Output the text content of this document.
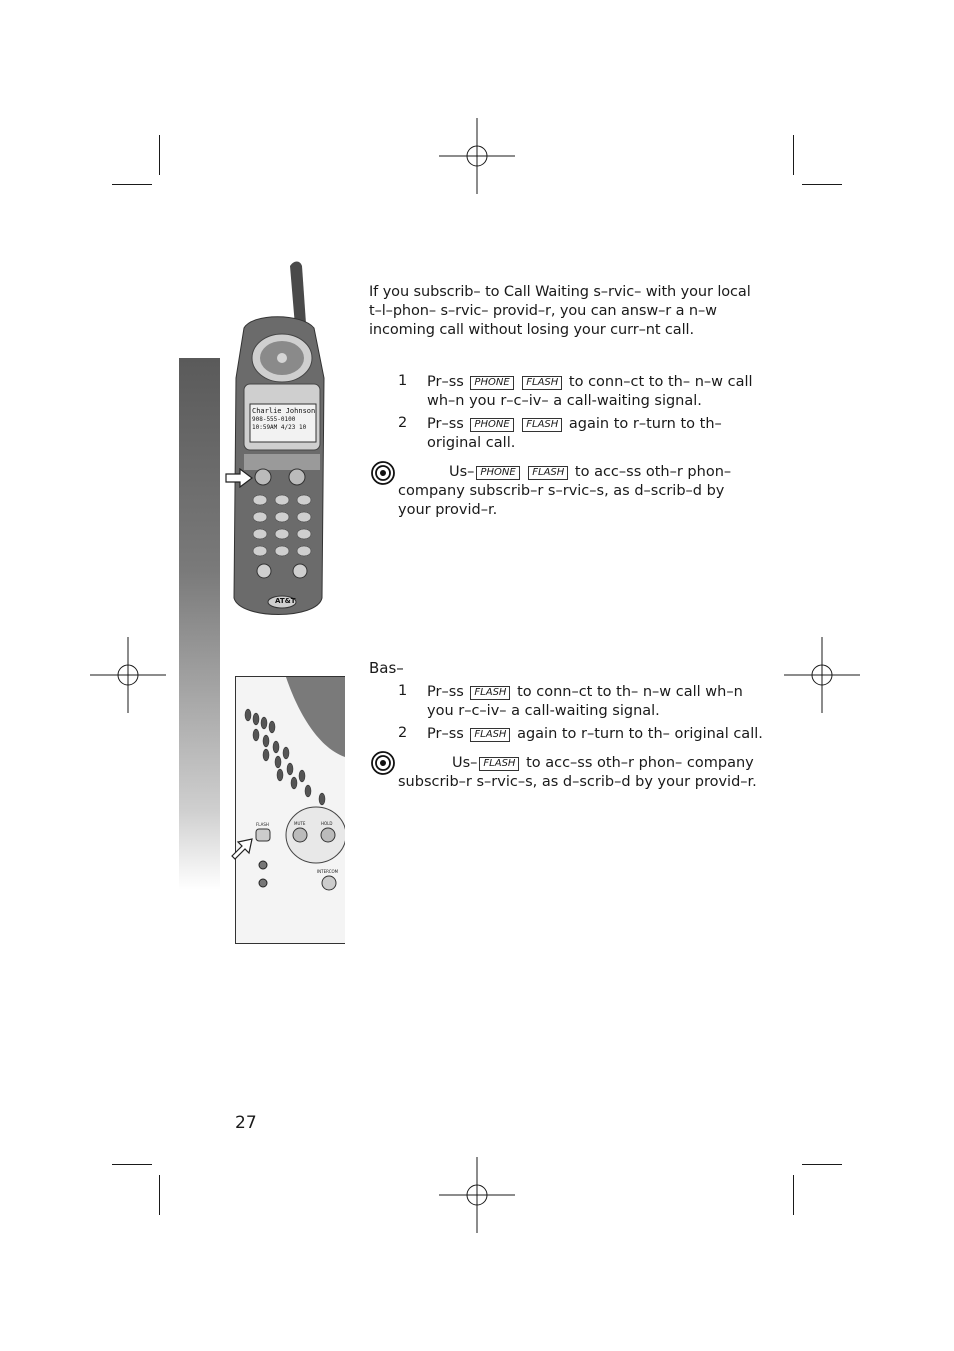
Charlie Johnson
908-555-0100
10:59AM 4/23 10
AT&T
FLASH	MUTE	HOLD
INTERCOM
If you subscrib– to Call Waiting s–rvic– with your local
t–l–phon– s–rvic– provid–r, you can answ–r a n–w
incoming call without losing your curr–nt call.
1 Pr–ss PHONE FLASH to conn–ct to th– n–w call
wh–n you r–c–iv– a call-waiting signal.
2 Pr–ss PHONE FLASH again to r–turn to th–
original call.
Us– PHONE FLASH to acc–ss oth–r phon–
company subscrib–r s–rvic–s, as d–scrib–d by
your provid–r.
Bas–
1 Pr–ss FLASH to conn–ct to th– n–w call wh–n
you r–c–iv– a call-waiting signal.
2 Pr–ss FLASH again to r–turn to th– original call.
Us– FLASH to acc–ss oth–r phon– company
subscrib–r s–rvic–s, as d–scrib–d by your provid–r.
27
